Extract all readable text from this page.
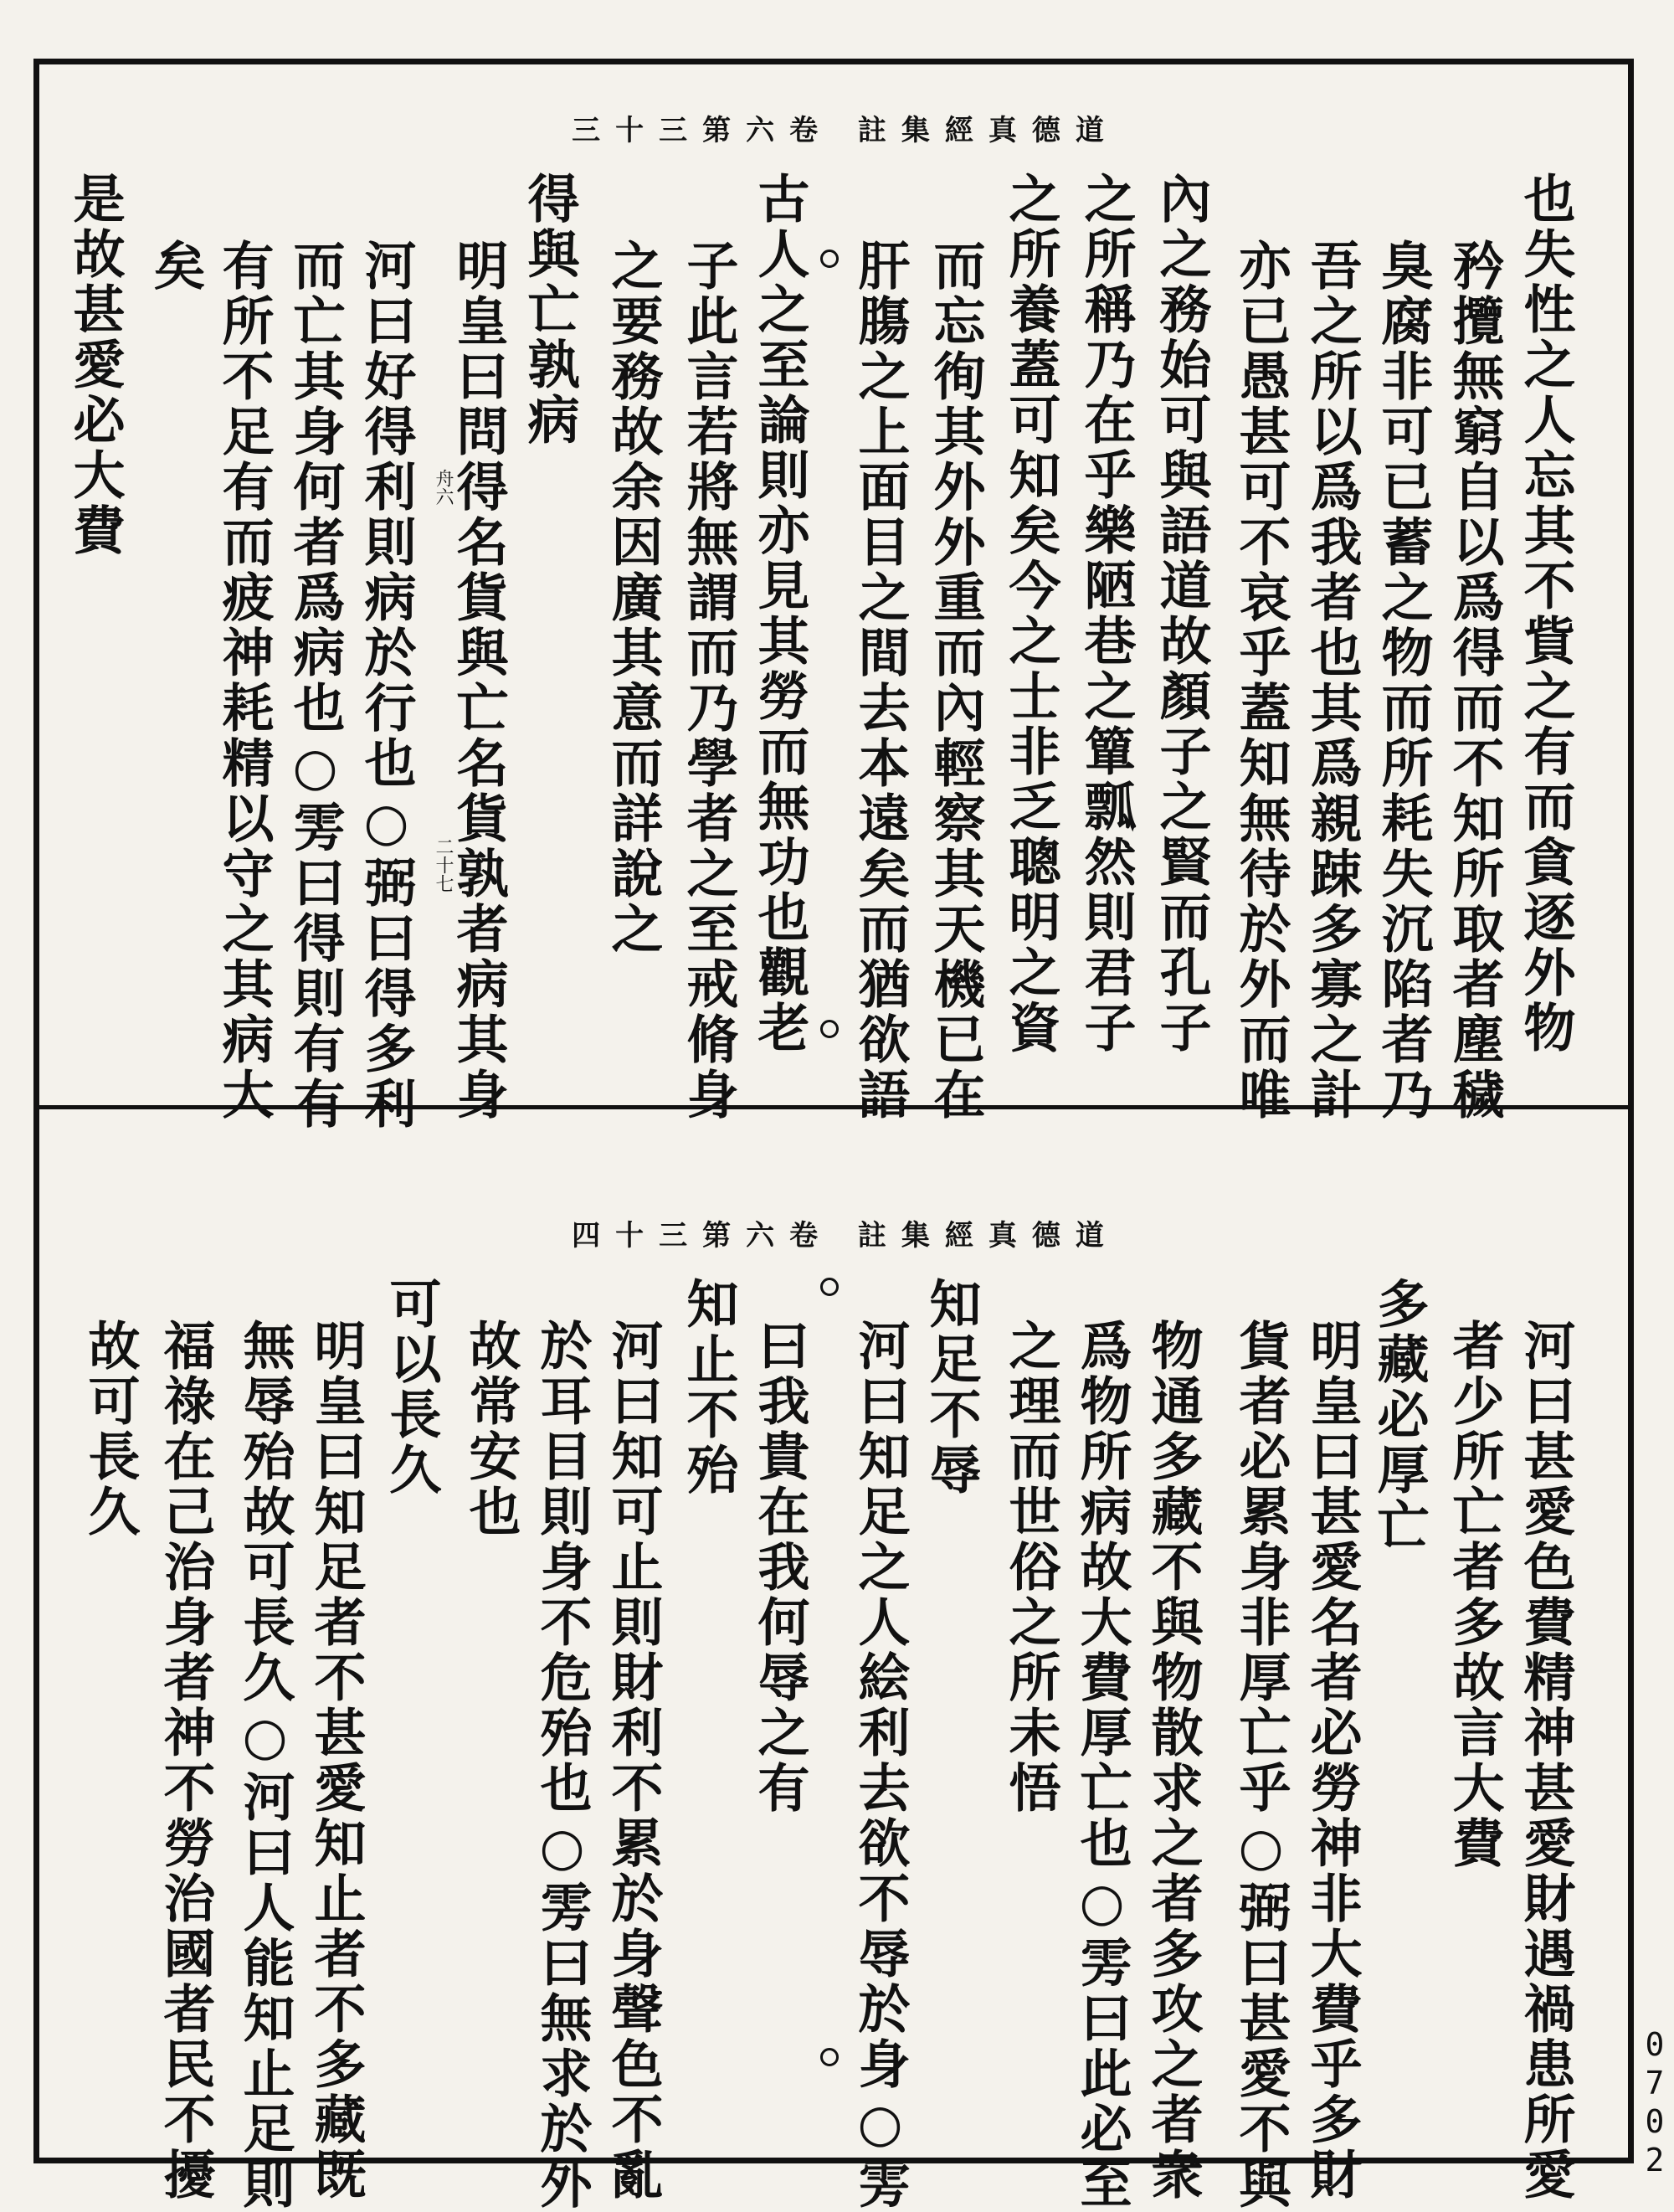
道德真經集註 卷六第三十三
也失性之人忘其不貲之有而貪逐外物
矜攬無窮自以爲得而不知所取者塵穢
臭腐非可已蓄之物而所耗失沉陷者乃
吾之所以爲我者也其爲親踈多寡之計
亦已愚甚可不哀乎蓋知無待於外而唯
內之務始可與語道故顏子之賢而孔子
之所稱乃在乎樂陋巷之簞瓢然則君子
之所養蓋可知矣今之士非乏聰明之資
而忘徇其外外重而內輕察其天機已在
肝膓之上面目之間去本遠矣而猶欲語
古人之至論則亦見其勞而無功也觀老
子此言若將無謂而乃學者之至戒脩身
之要務故余因廣其意而詳說之
得與亡孰病
明皇曰問得名貨與亡名貨孰者病其身
河曰好得利則病於行也○弼曰得多利
而亡其身何者爲病也○雱曰得則有有
有所不足有而疲神耗精以守之其病大
矣
是故甚愛必大費	舟六
二十七
道德真經集註 卷六第三十四
河曰甚愛色費精神甚愛財遇禍患所愛
者少所亡者多故言大費
多藏必厚亡
明皇曰甚愛名者必勞神非大費乎多財
貨者必累身非厚亡乎○弼曰甚愛不與
物通多藏不與物散求之者多攻之者衆
爲物所病故大費厚亡也○雱曰此必至
之理而世俗之所未悟
知足不辱
河曰知足之人絵利去欲不辱於身○雱
曰我貴在我何辱之有
知止不殆
河曰知可止則財利不累於身聲色不亂
於耳目則身不危殆也○雱曰無求於外
故常安也
可以長久
明皇曰知足者不甚愛知止者不多藏既
無辱殆故可長久○河曰人能知止足則
福祿在己治身者神不勞治國者民不擾
故可長久
0702
